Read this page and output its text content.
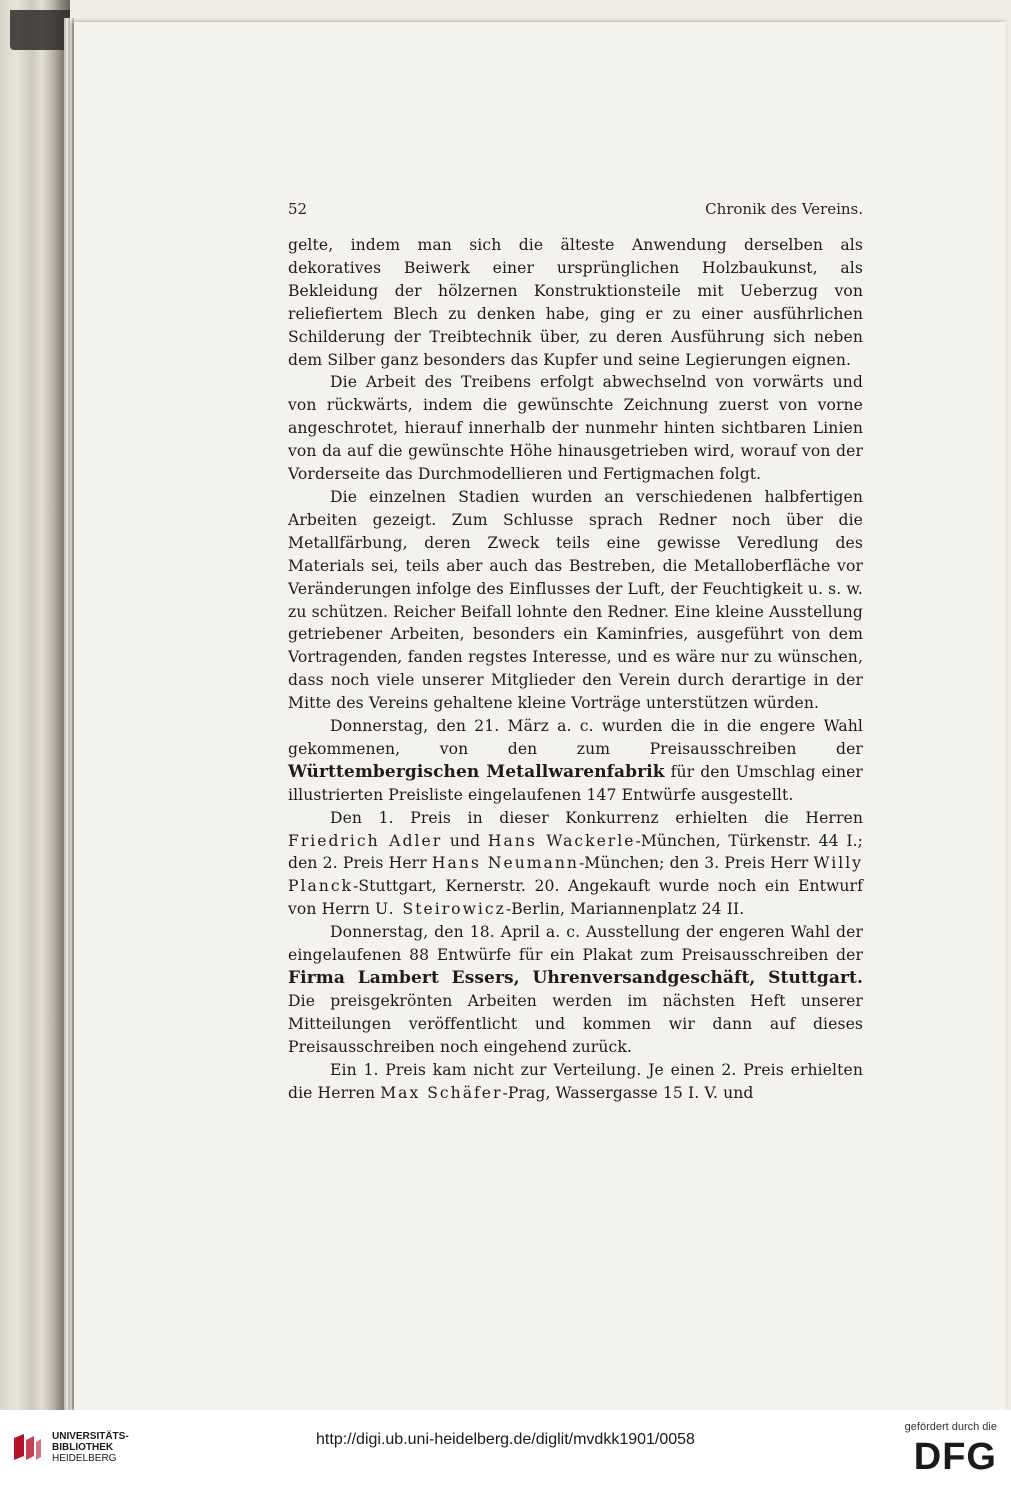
52	Chronik des Vereins.

gelte, indem man sich die älteste Anwendung derselben als dekoratives Beiwerk einer ursprünglichen Holzbaukunst, als Bekleidung der hölzernen Konstruktionsteile mit Ueberzug von reliefiertem Blech zu denken habe, ging er zu einer ausführlichen Schilderung der Treibtechnik über, zu deren Ausführung sich neben dem Silber ganz besonders das Kupfer und seine Legierungen eignen.

Die Arbeit des Treibens erfolgt abwechselnd von vorwärts und von rückwärts, indem die gewünschte Zeichnung zuerst von vorne angeschrotet, hierauf innerhalb der nunmehr hinten sichtbaren Linien von da auf die gewünschte Höhe hinausgetrieben wird, worauf von der Vorderseite das Durchmodellieren und Fertigmachen folgt.

Die einzelnen Stadien wurden an verschiedenen halbfertigen Arbeiten gezeigt. Zum Schlusse sprach Redner noch über die Metallfärbung, deren Zweck teils eine gewisse Veredlung des Materials sei, teils aber auch das Bestreben, die Metalloberfläche vor Veränderungen infolge des Einflusses der Luft, der Feuchtigkeit u. s. w. zu schützen. Reicher Beifall lohnte den Redner. Eine kleine Ausstellung getriebener Arbeiten, besonders ein Kaminfries, ausgeführt von dem Vortragenden, fanden regstes Interesse, und es wäre nur zu wünschen, dass noch viele unserer Mitglieder den Verein durch derartige in der Mitte des Vereins gehaltene kleine Vorträge unterstützen würden.

Donnerstag, den 21. März a. c. wurden die in die engere Wahl gekommenen, von den zum Preisausschreiben der Württembergischen Metallwarenfabrik für den Umschlag einer illustrierten Preisliste eingelaufenen 147 Entwürfe ausgestellt.

Den 1. Preis in dieser Konkurrenz erhielten die Herren Friedrich Adler und Hans Wackerle-München, Türkenstr. 44 I.; den 2. Preis Herr Hans Neumann-München; den 3. Preis Herr Willy Planck-Stuttgart, Kernerstr. 20. Angekauft wurde noch ein Entwurf von Herrn U. Steirowicz-Berlin, Mariannenplatz 24 II.

Donnerstag, den 18. April a. c. Ausstellung der engeren Wahl der eingelaufenen 88 Entwürfe für ein Plakat zum Preisausschreiben der Firma Lambert Essers, Uhrenversandgeschäft, Stuttgart. Die preisgekrönten Arbeiten werden im nächsten Heft unserer Mitteilungen veröffentlicht und kommen wir dann auf dieses Preisausschreiben noch eingehend zurück.

Ein 1. Preis kam nicht zur Verteilung. Je einen 2. Preis erhielten die Herren Max Schäfer-Prag, Wassergasse 15 I. V. und

UNIVERSITÄTS-
BIBLIOTHEK
HEIDELBERG
http://digi.ub.uni-heidelberg.de/diglit/mvdkk1901/0058
gefördert durch die
DFG
